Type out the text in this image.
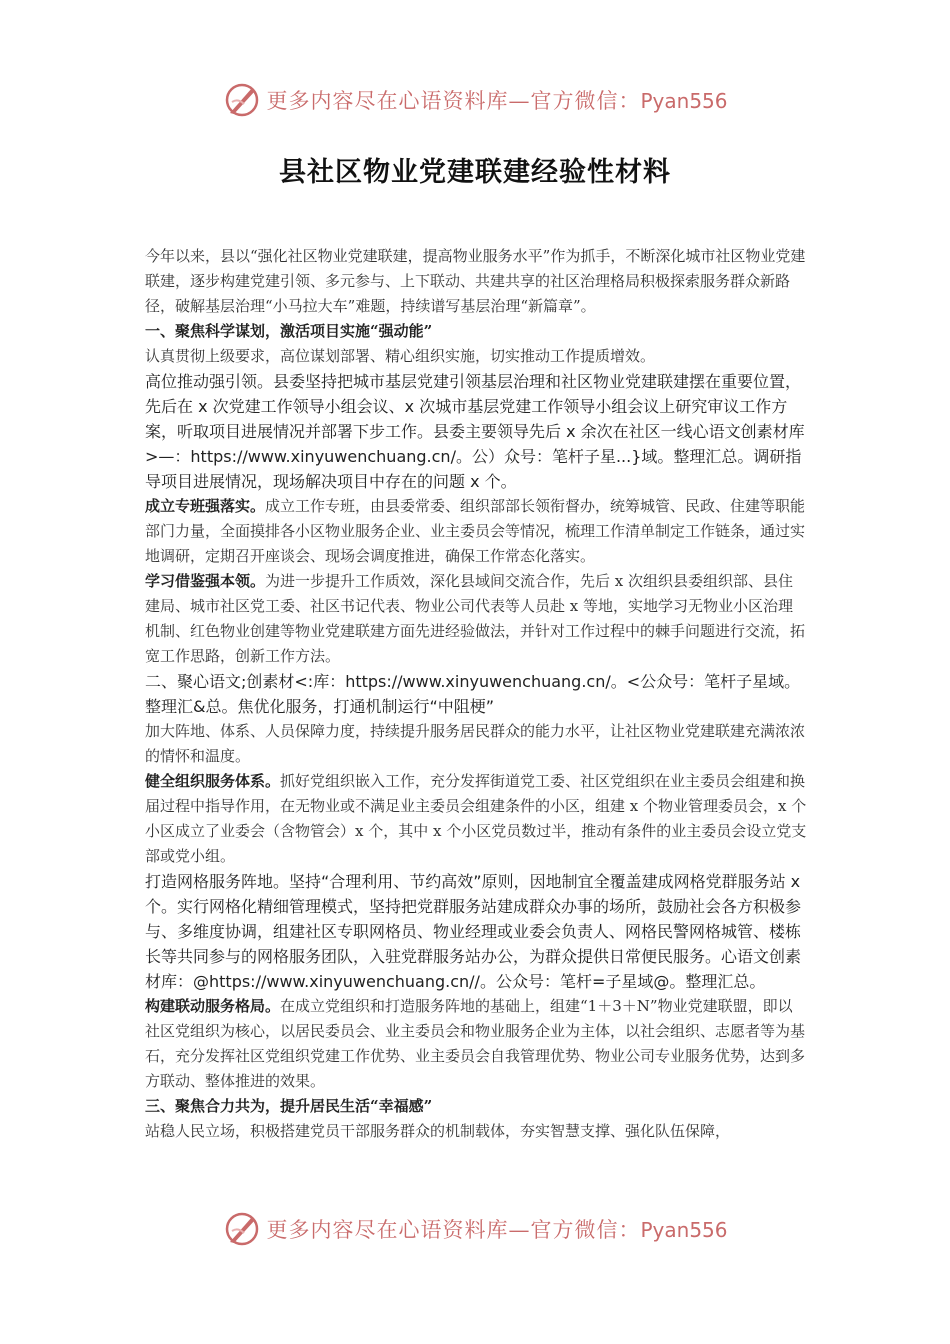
更多内容尽在心语资料库—官方微信：Pyan556
县社区物业党建联建经验性材料

今年以来，县以“强化社区物业党建联建，提高物业服务水平”作为抓手，不断深化城市社区物业党建联建，逐步构建党建引领、多元参与、上下联动、共建共享的社区治理格局积极探索服务群众新路径，破解基层治理“小马拉大车”难题，持续谱写基层治理“新篇章”。

一、聚焦科学谋划，激活项目实施“强动能”

认真贯彻上级要求，高位谋划部署、精心组织实施，切实推动工作提质增效。

高位推动强引领。县委坚持把城市基层党建引领基层治理和社区物业党建联建摆在重要位置，先后在 x 次党建工作领导小组会议、x 次城市基层党建工作领导小组会议上研究审议工作方案，听取项目进展情况并部署下步工作。县委主要领导先后 x 余次在社区一线心语文创素材库>—：https://www.xinyuwenchuang.cn/。公）众号：笔杆子星...}域。整理汇总。调研指导项目进展情况，现场解决项目中存在的问题 x 个。

成立专班强落实。成立工作专班，由县委常委、组织部部长领衔督办，统筹城管、民政、住建等职能部门力量，全面摸排各小区物业服务企业、业主委员会等情况，梳理工作清单制定工作链条，通过实地调研，定期召开座谈会、现场会调度推进，确保工作常态化落实。

学习借鉴强本领。为进一步提升工作质效，深化县域间交流合作，先后 x 次组织县委组织部、县住建局、城市社区党工委、社区书记代表、物业公司代表等人员赴 x 等地，实地学习无物业小区治理机制、红色物业创建等物业党建联建方面先进经验做法，并针对工作过程中的棘手问题进行交流，拓宽工作思路，创新工作方法。

二、聚心语文;创素材<:库：https://www.xinyuwenchuang.cn/。<公众号：笔杆子星域。整理汇&总。焦优化服务，打通机制运行“中阻梗”

加大阵地、体系、人员保障力度，持续提升服务居民群众的能力水平，让社区物业党建联建充满浓浓的情怀和温度。

健全组织服务体系。抓好党组织嵌入工作，充分发挥街道党工委、社区党组织在业主委员会组建和换届过程中指导作用，在无物业或不满足业主委员会组建条件的小区，组建 x 个物业管理委员会，x 个小区成立了业委会（含物管会）x 个，其中 x 个小区党员数过半，推动有条件的业主委员会设立党支部或党小组。

打造网格服务阵地。坚持“合理利用、节约高效”原则，因地制宜全覆盖建成网格党群服务站 x 个。实行网格化精细管理模式，坚持把党群服务站建成群众办事的场所，鼓励社会各方积极参与、多维度协调，组建社区专职网格员、物业经理或业委会负责人、网格民警网格城管、楼栋长等共同参与的网格服务团队，入驻党群服务站办公，为群众提供日常便民服务。心语文创素材库：@https://www.xinyuwenchuang.cn//。公众号：笔杆=子星域@。整理汇总。

构建联动服务格局。在成立党组织和打造服务阵地的基础上，组建“1＋3＋N”物业党建联盟，即以社区党组织为核心，以居民委员会、业主委员会和物业服务企业为主体，以社会组织、志愿者等为基石，充分发挥社区党组织党建工作优势、业主委员会自我管理优势、物业公司专业服务优势，达到多方联动、整体推进的效果。

三、聚焦合力共为，提升居民生活“幸福感”

站稳人民立场，积极搭建党员干部服务群众的机制载体，夯实智慧支撑、强化队伍保障，

更多内容尽在心语资料库—官方微信：Pyan556
